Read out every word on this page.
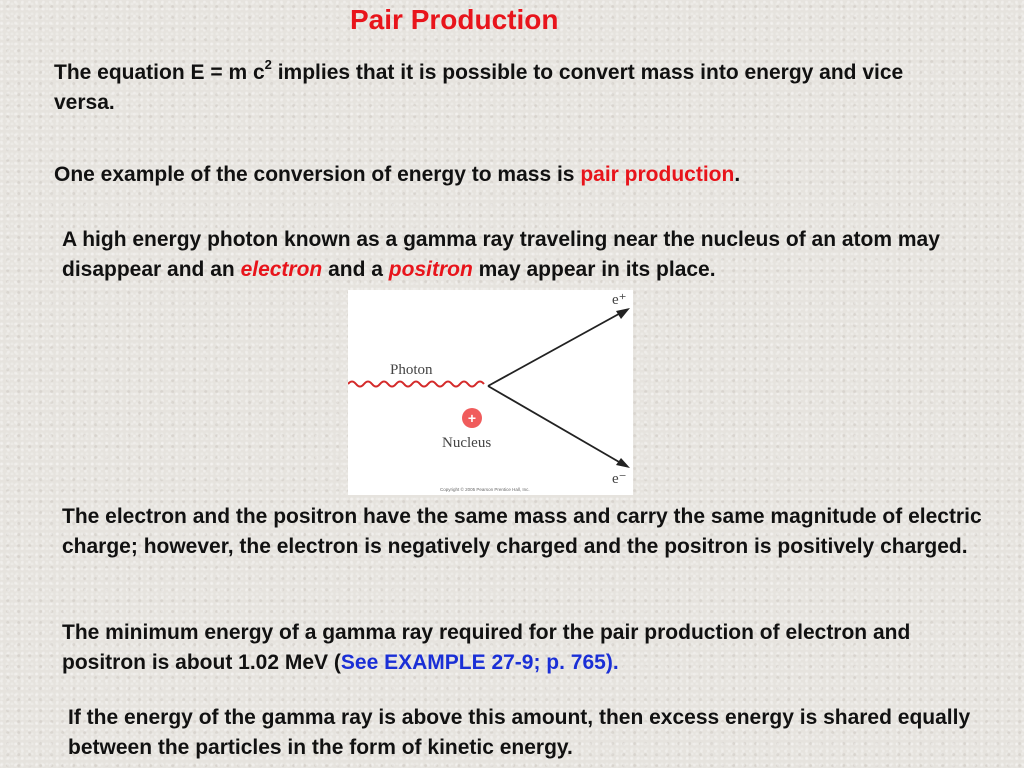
Pair Production

The equation E = m $c^2$ implies that it is possible to convert mass into energy and vice versa.

One example of the conversion of energy to mass is pair production.

A high energy photon known as a gamma ray traveling near the nucleus of an atom may disappear and an electron and a positron may appear in its place.

Photon
+
Nucleus
e⁺
e⁻
Copyright © 2005 Pearson Prentice Hall, Inc.

The electron and the positron have the same mass and carry the same magnitude of electric charge; however, the electron is negatively charged and the positron is positively charged.

The minimum energy of a gamma ray required for the pair production of electron and positron is about 1.02 MeV (See EXAMPLE 27-9; p. 765).

If the energy of the gamma ray is above this amount, then excess energy is shared equally between the particles in the form of kinetic energy.
